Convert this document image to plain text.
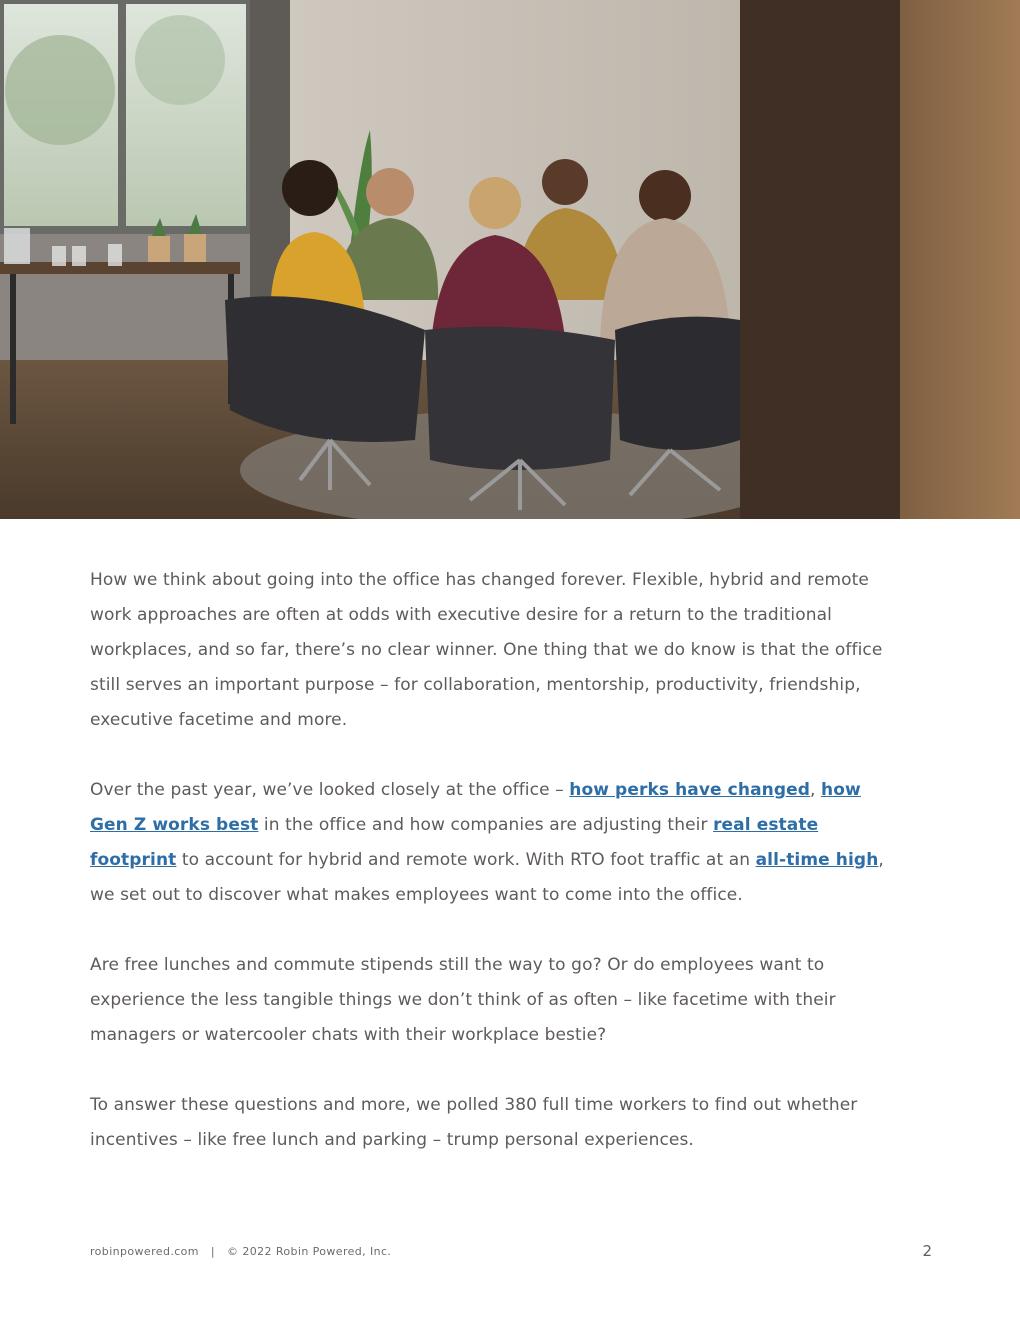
How we think about going into the office has changed forever. Flexible, hybrid and remote work approaches are often at odds with executive desire for a return to the traditional workplaces, and so far, there’s no clear winner. One thing that we do know is that the office still serves an important purpose – for collaboration, mentorship, productivity, friendship, executive facetime and more.

Over the past year, we’ve looked closely at the office – how perks have changed, how Gen Z works best in the office and how companies are adjusting their real estate footprint to account for hybrid and remote work. With RTO foot traffic at an all-time high, we set out to discover what makes employees want to come into the office.

Are free lunches and commute stipends still the way to go? Or do employees want to experience the less tangible things we don’t think of as often – like facetime with their managers or watercooler chats with their workplace bestie?

To answer these questions and more, we polled 380 full time workers to find out whether incentives – like free lunch and parking – trump personal experiences.

robinpowered.com | © 2022 Robin Powered, Inc.	2
